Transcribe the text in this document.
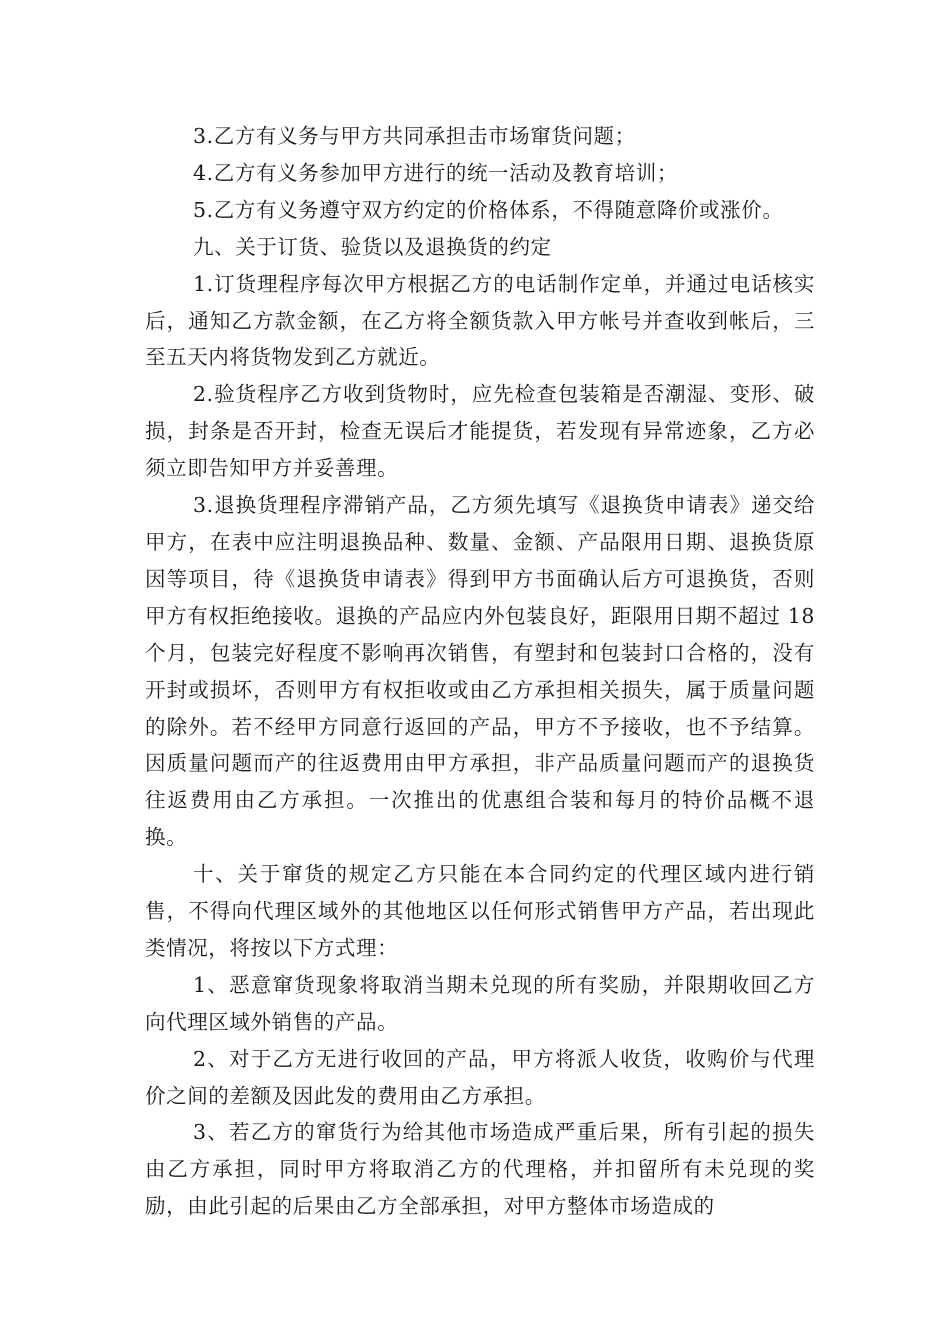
3.乙方有义务与甲方共同承担击市场窜货问题；

4.乙方有义务参加甲方进行的统一活动及教育培训；

5.乙方有义务遵守双方约定的价格体系，不得随意降价或涨价。

九、关于订货、验货以及退换货的约定

1.订货理程序每次甲方根据乙方的电话制作定单，并通过电话核实后，通知乙方款金额，在乙方将全额货款入甲方帐号并查收到帐后，三至五天内将货物发到乙方就近。

2.验货程序乙方收到货物时，应先检查包装箱是否潮湿、变形、破损，封条是否开封，检查无误后才能提货，若发现有异常迹象，乙方必须立即告知甲方并妥善理。

3.退换货理程序滞销产品，乙方须先填写《退换货申请表》递交给甲方，在表中应注明退换品种、数量、金额、产品限用日期、退换货原因等项目，待《退换货申请表》得到甲方书面确认后方可退换货，否则甲方有权拒绝接收。退换的产品应内外包装良好，距限用日期不超过 18 个月，包装完好程度不影响再次销售，有塑封和包装封口合格的，没有开封或损坏，否则甲方有权拒收或由乙方承担相关损失，属于质量问题的除外。若不经甲方同意行返回的产品，甲方不予接收，也不予结算。因质量问题而产的往返费用由甲方承担，非产品质量问题而产的退换货往返费用由乙方承担。一次推出的优惠组合装和每月的特价品概不退换。

十、关于窜货的规定乙方只能在本合同约定的代理区域内进行销售，不得向代理区域外的其他地区以任何形式销售甲方产品，若出现此类情况，将按以下方式理：

1、恶意窜货现象将取消当期未兑现的所有奖励，并限期收回乙方向代理区域外销售的产品。

2、对于乙方无进行收回的产品，甲方将派人收货，收购价与代理价之间的差额及因此发的费用由乙方承担。

3、若乙方的窜货行为给其他市场造成严重后果，所有引起的损失由乙方承担，同时甲方将取消乙方的代理格，并扣留所有未兑现的奖励，由此引起的后果由乙方全部承担，对甲方整体市场造成的
